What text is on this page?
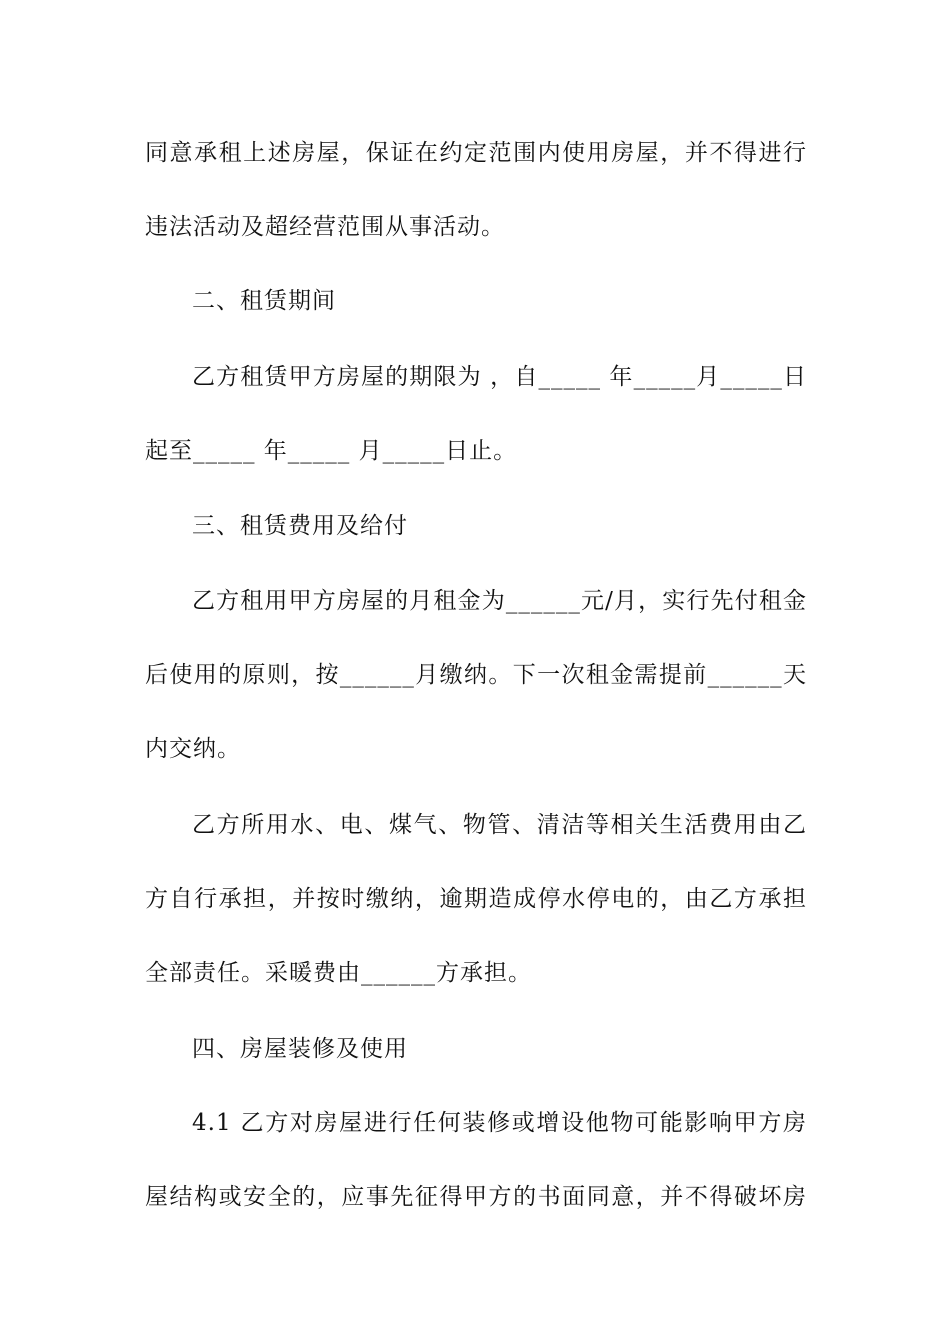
同意承租上述房屋，保证在约定范围内使用房屋，并不得进行
违法活动及超经营范围从事活动。
二、租赁期间
乙方租赁甲方房屋的期限为 ，自_____ 年_____月_____日
起至_____ 年_____ 月_____日止。
三、租赁费用及给付
乙方租用甲方房屋的月租金为______元/月，实行先付租金
后使用的原则，按______月缴纳。下一次租金需提前______天
内交纳。
乙方所用水、电、煤气、物管、清洁等相关生活费用由乙
方自行承担，并按时缴纳，逾期造成停水停电的，由乙方承担
全部责任。采暖费由______方承担。
四、房屋装修及使用
4.1 乙方对房屋进行任何装修或增设他物可能影响甲方房
屋结构或安全的，应事先征得甲方的书面同意，并不得破坏房
